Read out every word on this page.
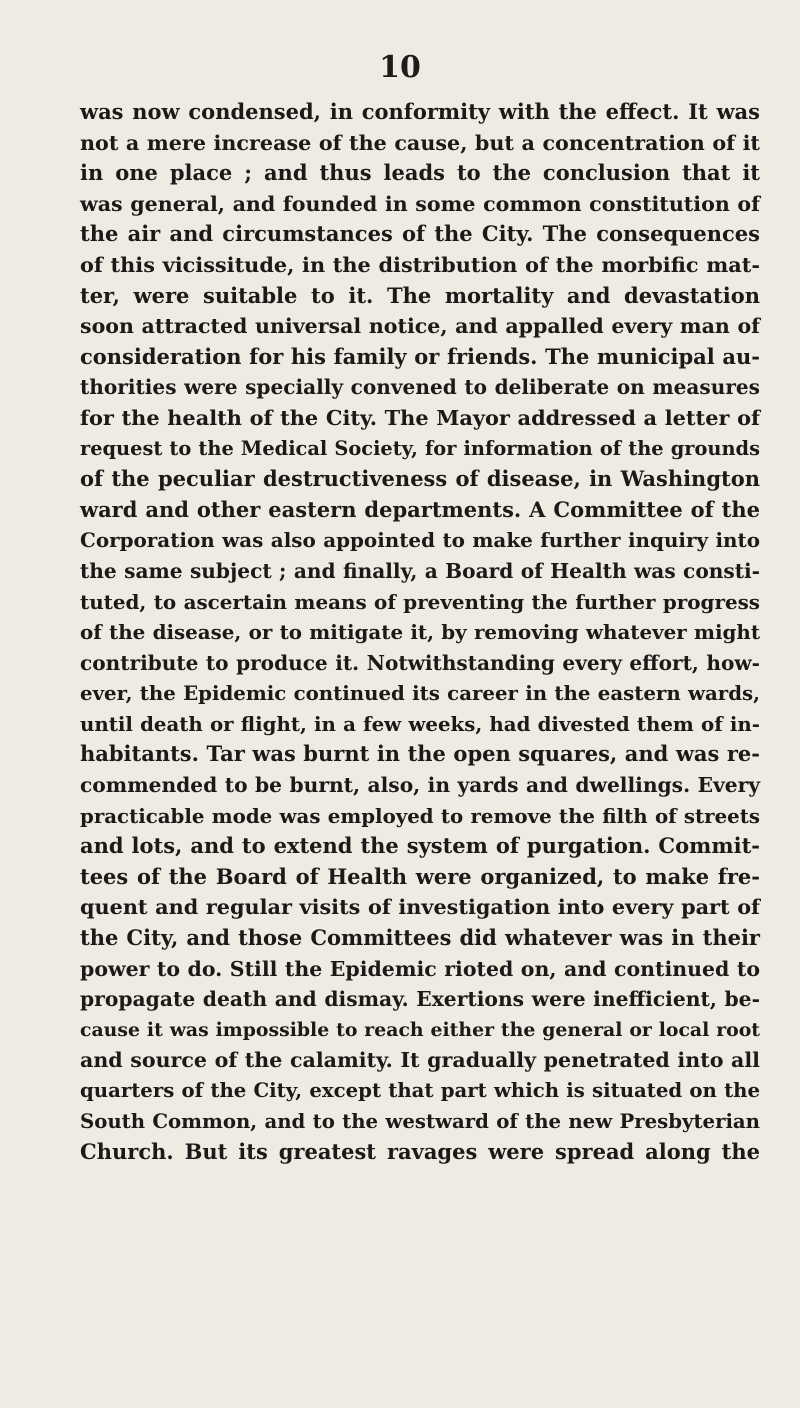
10
was now condensed, in conformity with the effect. It was
not a mere increase of the cause, but a concentration of it
in one place ; and thus leads to the conclusion that it
was general, and founded in some common constitution of
the air and circumstances of the City. The consequences
of this vicissitude, in the distribution of the morbific mat-
ter, were suitable to it. The mortality and devastation
soon attracted universal notice, and appalled every man of
consideration for his family or friends. The municipal au-
thorities were specially convened to deliberate on measures
for the health of the City. The Mayor addressed a letter of
request to the Medical Society, for information of the grounds
of the peculiar destructiveness of disease, in Washington
ward and other eastern departments. A Committee of the
Corporation was also appointed to make further inquiry into
the same subject ; and finally, a Board of Health was consti-
tuted, to ascertain means of preventing the further progress
of the disease, or to mitigate it, by removing whatever might
contribute to produce it. Notwithstanding every effort, how-
ever, the Epidemic continued its career in the eastern wards,
until death or flight, in a few weeks, had divested them of in-
habitants. Tar was burnt in the open squares, and was re-
commended to be burnt, also, in yards and dwellings. Every
practicable mode was employed to remove the filth of streets
and lots, and to extend the system of purgation. Commit-
tees of the Board of Health were organized, to make fre-
quent and regular visits of investigation into every part of
the City, and those Committees did whatever was in their
power to do. Still the Epidemic rioted on, and continued to
propagate death and dismay. Exertions were inefficient, be-
cause it was impossible to reach either the general or local root
and source of the calamity. It gradually penetrated into all
quarters of the City, except that part which is situated on the
South Common, and to the westward of the new Presbyterian
Church. But its greatest ravages were spread along the
